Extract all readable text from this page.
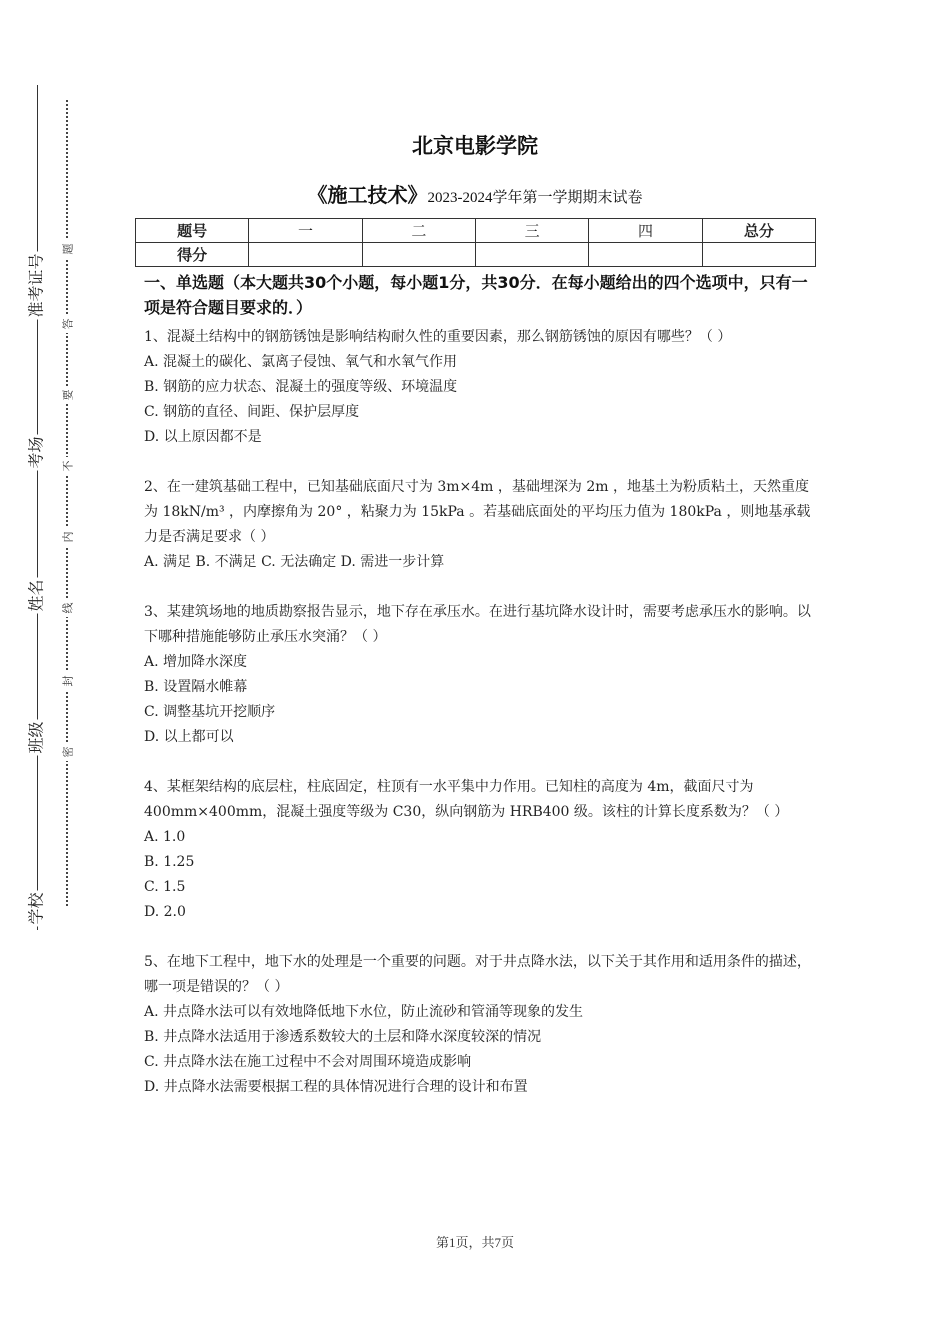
准考证号
考场
姓名
班级
学校
题
答
要
不
内
线
封
密
北京电影学院
《施工技术》2023-2024学年第一学期期末试卷
题号	一	二	三	四	总分
得分					

一、单选题（本大题共30个小题，每小题1分，共30分．在每小题给出的四个选项中，只有一项是符合题目要求的．）

1、混凝土结构中的钢筋锈蚀是影响结构耐久性的重要因素，那么钢筋锈蚀的原因有哪些？（ ）

A. 混凝土的碳化、氯离子侵蚀、氧气和水氧气作用

B. 钢筋的应力状态、混凝土的强度等级、环境温度

C. 钢筋的直径、间距、保护层厚度

D. 以上原因都不是

2、在一建筑基础工程中，已知基础底面尺寸为 3m×4m ，基础埋深为 2m ，地基土为粉质粘土，天然重度为 18kN/m³ ，内摩擦角为 20° ，粘聚力为 15kPa 。若基础底面处的平均压力值为 180kPa ，则地基承载力是否满足要求（ ）

A. 满足 B. 不满足 C. 无法确定 D. 需进一步计算

3、某建筑场地的地质勘察报告显示，地下存在承压水。在进行基坑降水设计时，需要考虑承压水的影响。以下哪种措施能够防止承压水突涌？（ ）

A. 增加降水深度

B. 设置隔水帷幕

C. 调整基坑开挖顺序

D. 以上都可以

4、某框架结构的底层柱，柱底固定，柱顶有一水平集中力作用。已知柱的高度为 4m，截面尺寸为 400mm×400mm，混凝土强度等级为 C30，纵向钢筋为 HRB400 级。该柱的计算长度系数为？（ ）

A. 1.0

B. 1.25

C. 1.5

D. 2.0

5、在地下工程中，地下水的处理是一个重要的问题。对于井点降水法，以下关于其作用和适用条件的描述，哪一项是错误的？（ ）

A. 井点降水法可以有效地降低地下水位，防止流砂和管涌等现象的发生

B. 井点降水法适用于渗透系数较大的土层和降水深度较深的情况

C. 井点降水法在施工过程中不会对周围环境造成影响

D. 井点降水法需要根据工程的具体情况进行合理的设计和布置

第1页，共7页
